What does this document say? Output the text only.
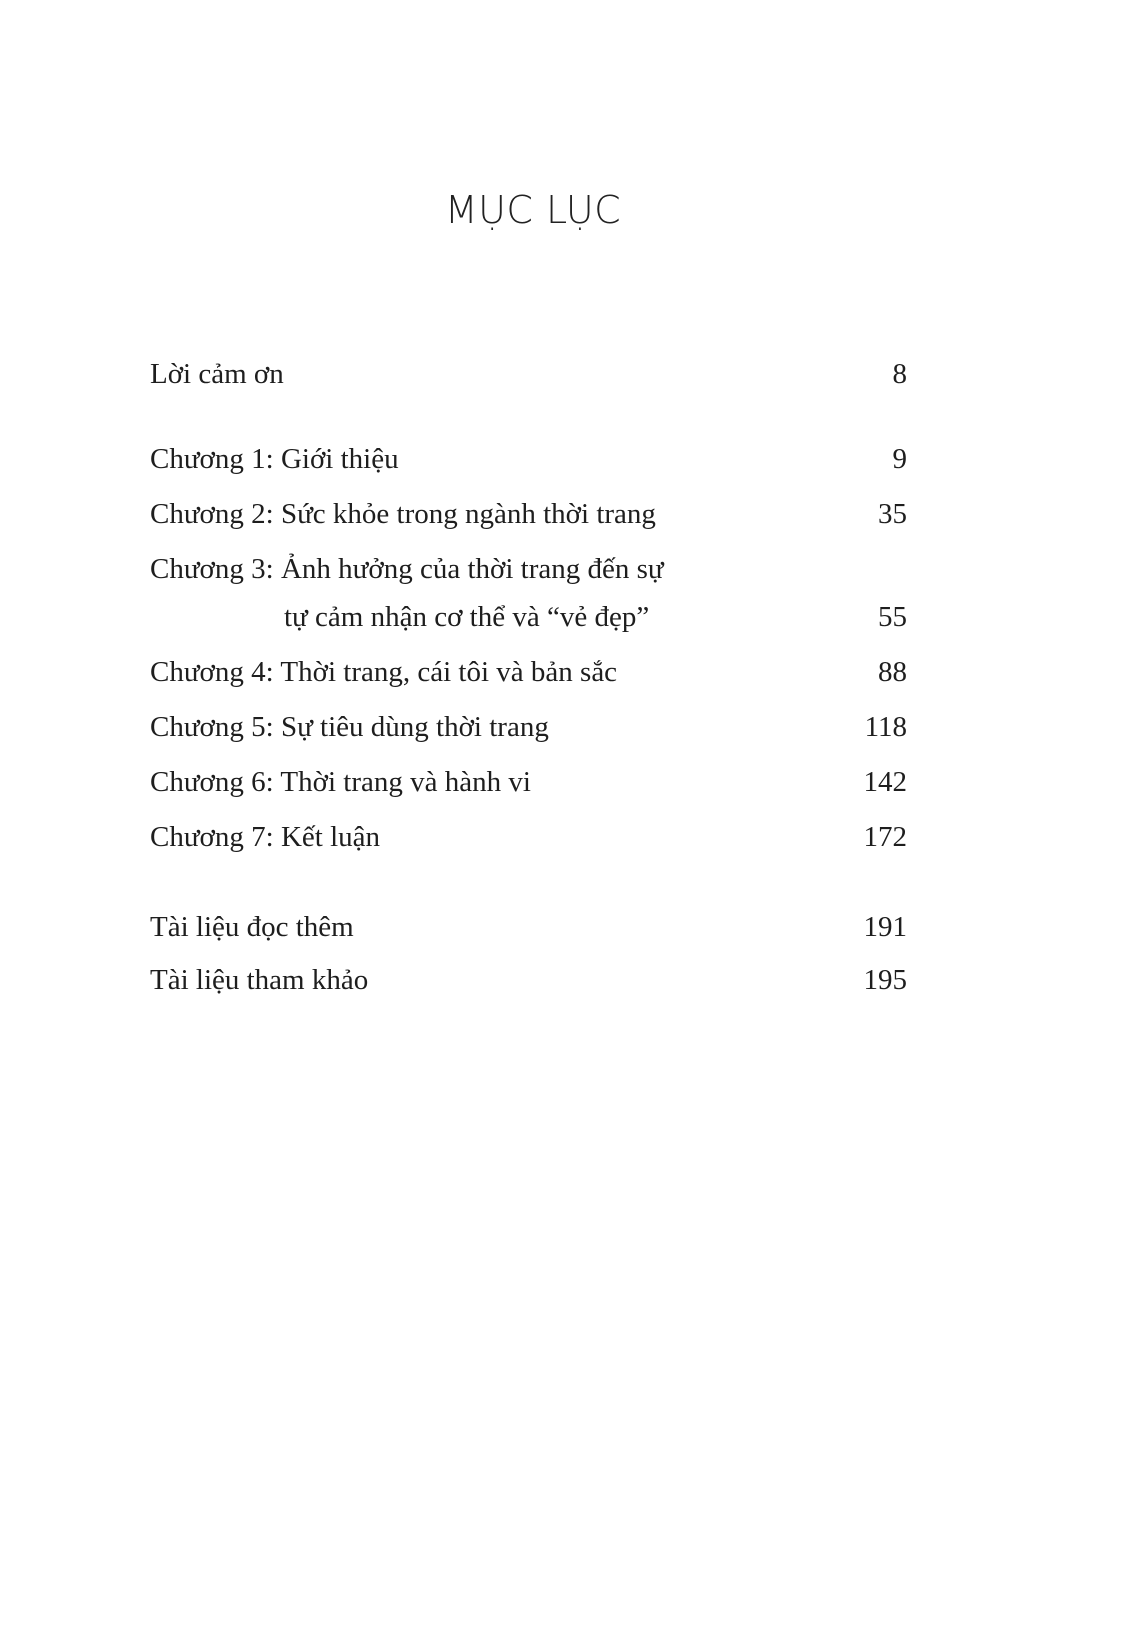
MỤC LỤC
Lời cảm ơn	8
Chương 1: Giới thiệu	9
Chương 2: Sức khỏe trong ngành thời trang	35
Chương 3: Ảnh hưởng của thời trang đến sự
tự cảm nhận cơ thể và “vẻ đẹp”	55
Chương 4: Thời trang, cái tôi và bản sắc	88
Chương 5: Sự tiêu dùng thời trang	118
Chương 6: Thời trang và hành vi	142
Chương 7: Kết luận	172
Tài liệu đọc thêm	191
Tài liệu tham khảo	195
